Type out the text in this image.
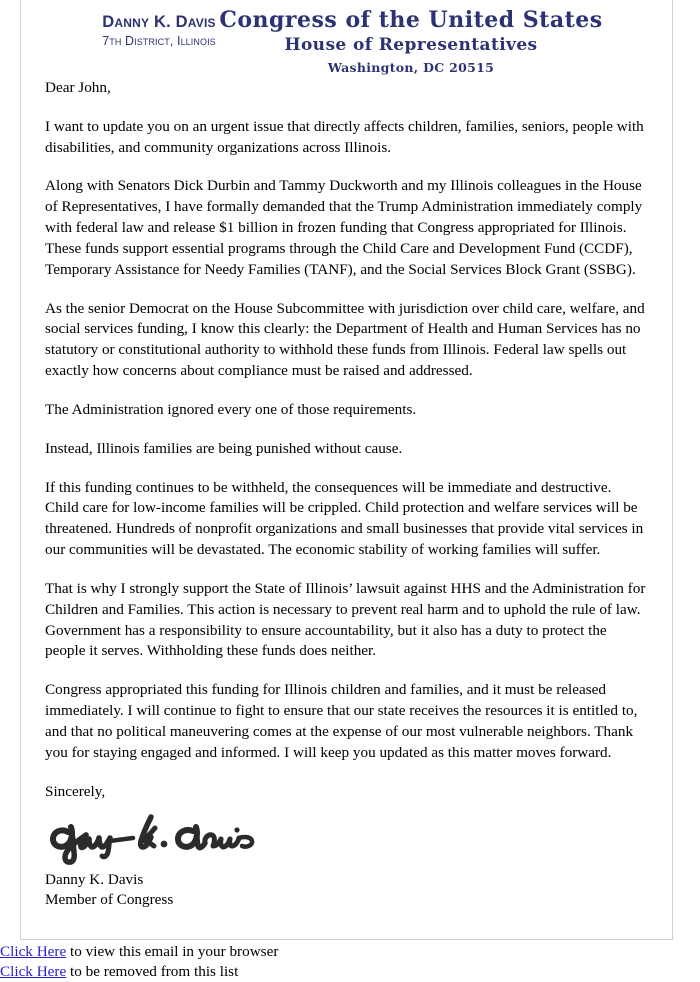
Danny K. Davis
7th District, Illinois
Congress of the United States
House of Representatives
Washington, DC 20515

Dear John,

I want to update you on an urgent issue that directly affects children, families, seniors, people with disabilities, and community organizations across Illinois.

Along with Senators Dick Durbin and Tammy Duckworth and my Illinois colleagues in the House of Representatives, I have formally demanded that the Trump Administration immediately comply with federal law and release $1 billion in frozen funding that Congress appropriated for Illinois. These funds support essential programs through the Child Care and Development Fund (CCDF), Temporary Assistance for Needy Families (TANF), and the Social Services Block Grant (SSBG).

As the senior Democrat on the House Subcommittee with jurisdiction over child care, welfare, and social services funding, I know this clearly: the Department of Health and Human Services has no statutory or constitutional authority to withhold these funds from Illinois. Federal law spells out exactly how concerns about compliance must be raised and addressed.

The Administration ignored every one of those requirements.

Instead, Illinois families are being punished without cause.

If this funding continues to be withheld, the consequences will be immediate and destructive. Child care for low-income families will be crippled. Child protection and welfare services will be threatened. Hundreds of nonprofit organizations and small businesses that provide vital services in our communities will be devastated. The economic stability of working families will suffer.

That is why I strongly support the State of Illinois’ lawsuit against HHS and the Administration for Children and Families. This action is necessary to prevent real harm and to uphold the rule of law. Government has a responsibility to ensure accountability, but it also has a duty to protect the people it serves. Withholding these funds does neither.

Congress appropriated this funding for Illinois children and families, and it must be released immediately. I will continue to fight to ensure that our state receives the resources it is entitled to, and that no political maneuvering comes at the expense of our most vulnerable neighbors. Thank you for staying engaged and informed. I will keep you updated as this matter moves forward.

Sincerely,

Danny K. Davis

Member of Congress

Click Here to view this email in your browser
Click Here to be removed from this list
